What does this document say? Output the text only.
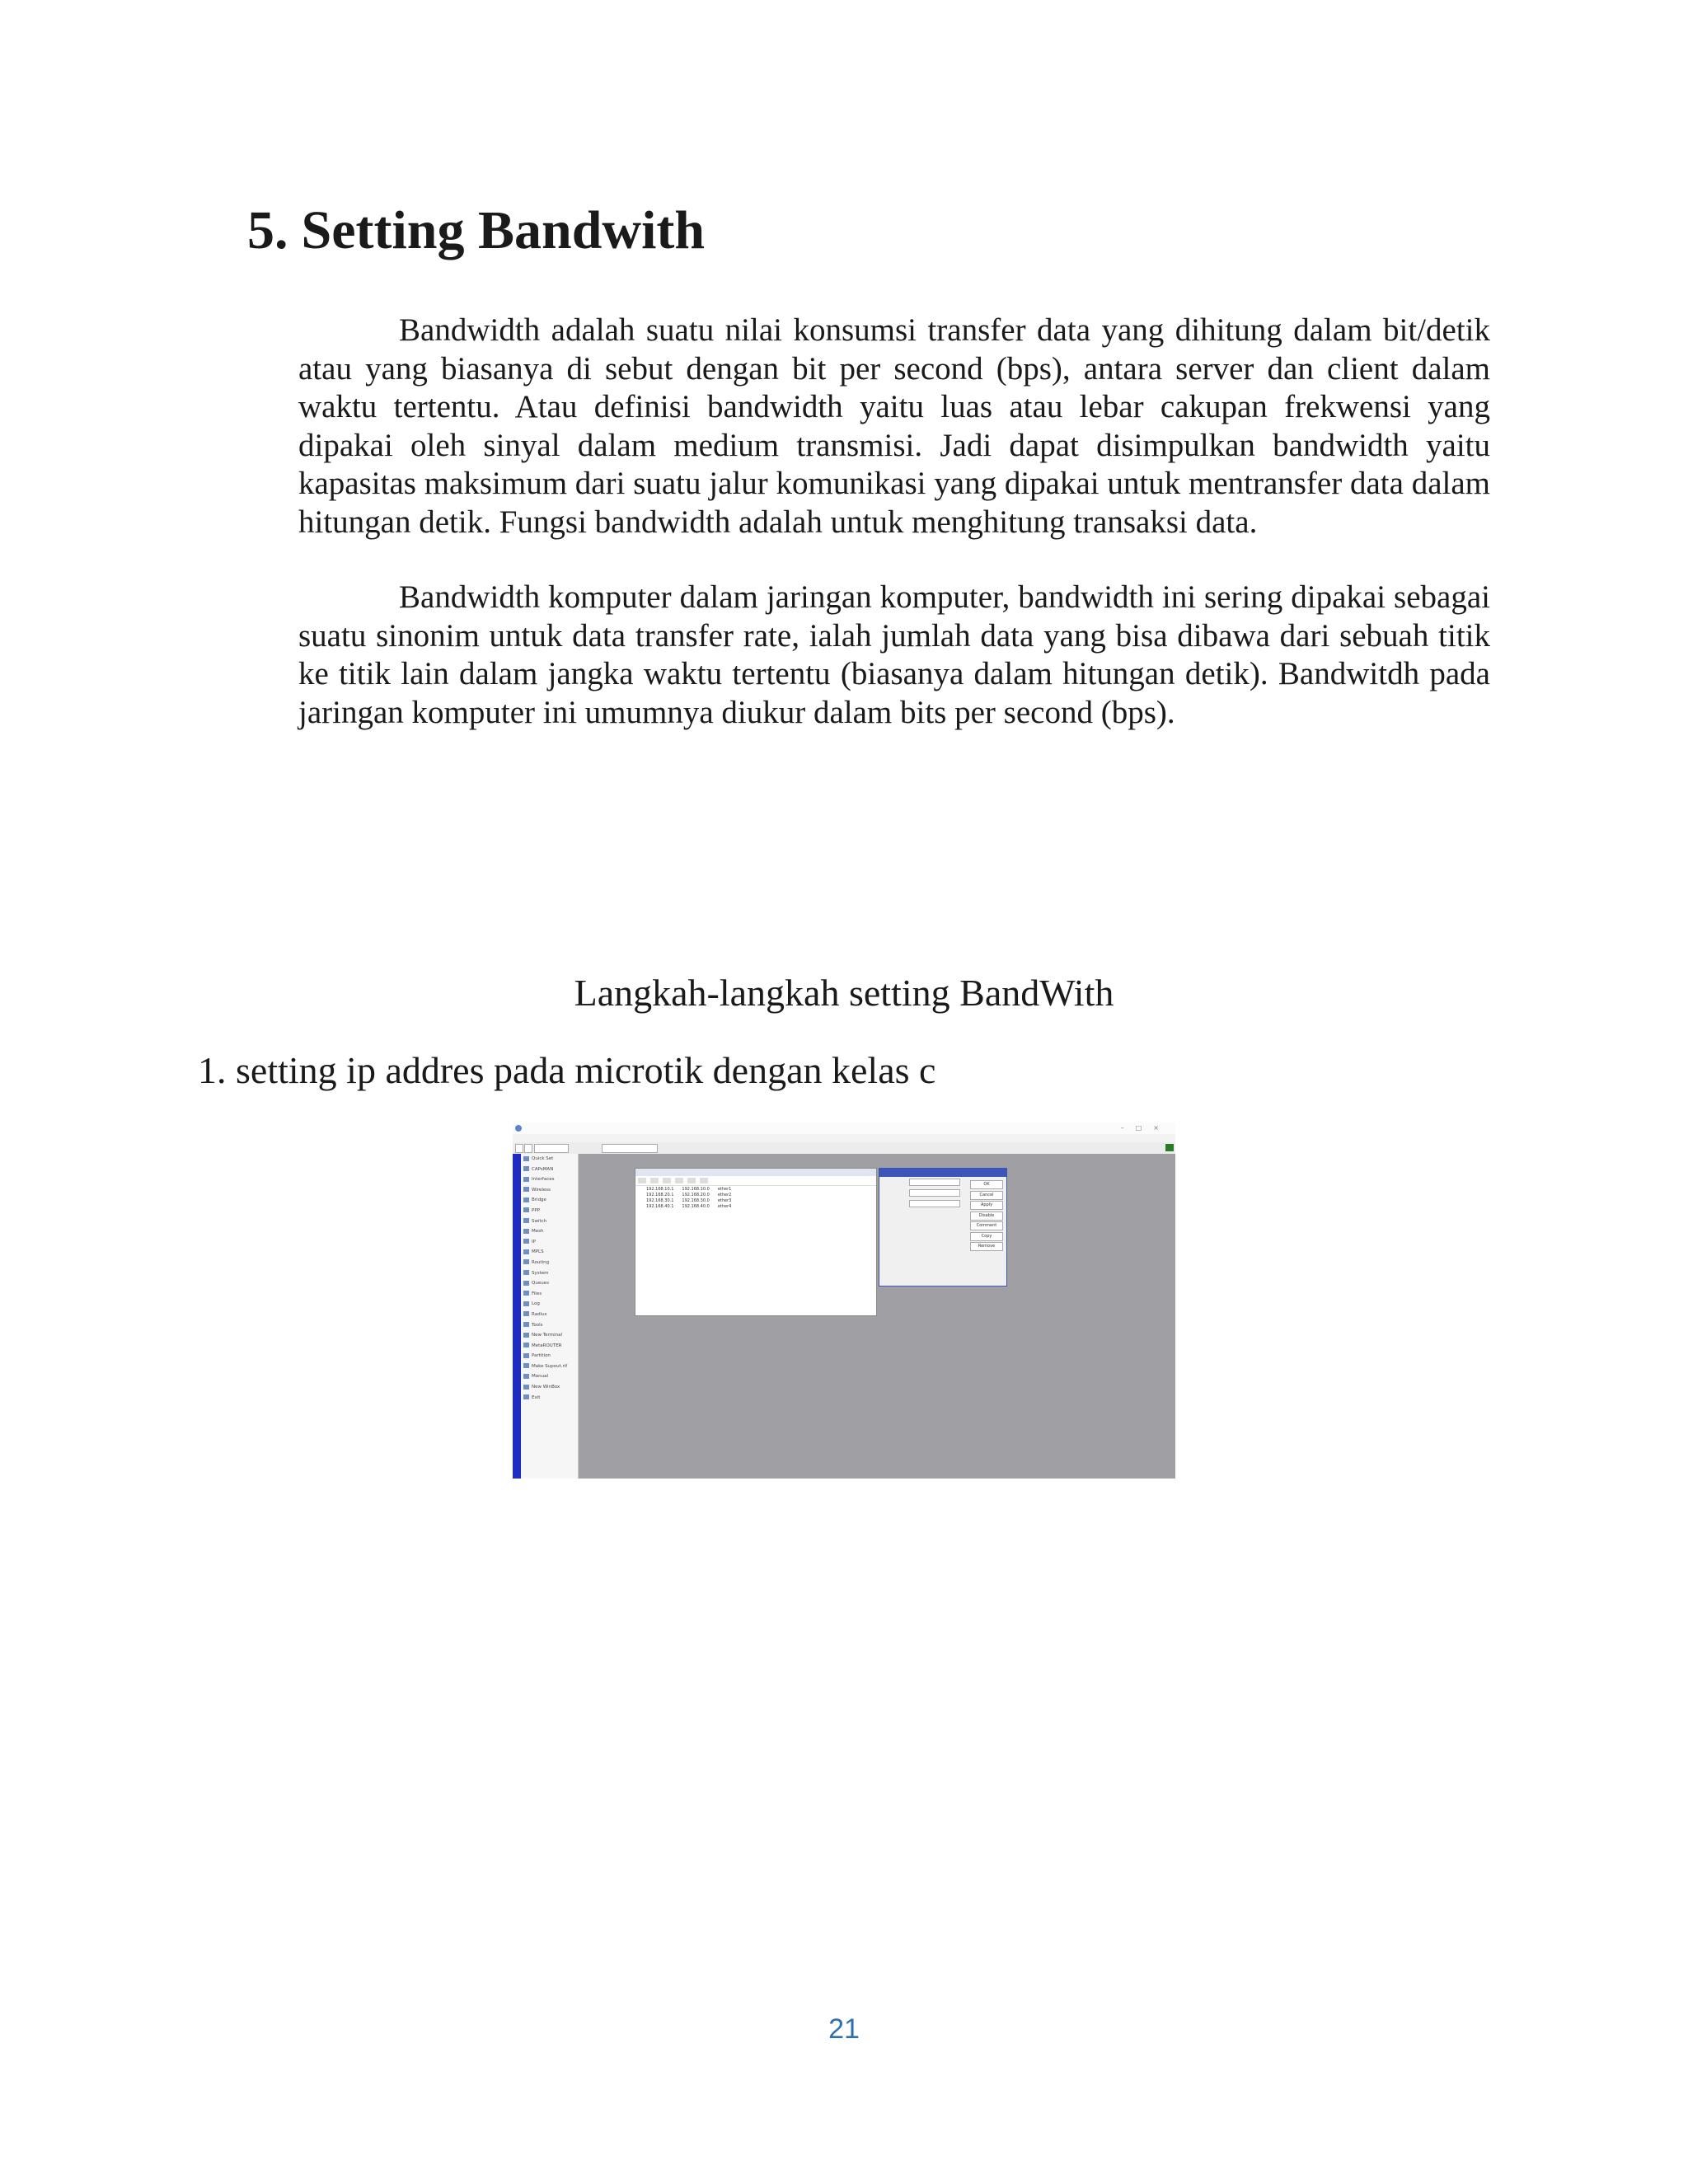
5. Setting Bandwith

Bandwidth adalah suatu nilai konsumsi transfer data yang dihitung dalam bit/detik atau yang biasanya di sebut dengan bit per second (bps), antara server dan client dalam waktu tertentu. Atau definisi bandwidth yaitu luas atau lebar cakupan frekwensi yang dipakai oleh sinyal dalam medium transmisi. Jadi dapat disimpulkan bandwidth yaitu kapasitas maksimum dari suatu jalur komunikasi yang dipakai untuk mentransfer data dalam hitungan detik. Fungsi bandwidth adalah untuk menghitung transaksi data.

Bandwidth komputer dalam jaringan komputer, bandwidth ini sering dipakai sebagai suatu sinonim untuk data transfer rate, ialah jumlah data yang bisa dibawa dari sebuah titik ke titik lain dalam jangka waktu tertentu (biasanya dalam hitungan detik). Bandwitdh pada jaringan komputer ini umumnya diukur dalam bits per second (bps).

Langkah-langkah setting BandWith

1. setting ip addres pada microtik dengan kelas c

–□×
Quick Set
CAPsMAN
Interfaces
Wireless
Bridge
PPP
Switch
Mesh
IP
MPLS
Routing
System
Queues
Files
Log
Radius
Tools
New Terminal
MetaROUTER
Partition
Make Supout.rif
Manual
New WinBox
Exit
192.168.10.1	192.168.10.0	ether1
192.168.20.1	192.168.20.0	ether2
192.168.30.1	192.168.30.0	ether3
192.168.40.1	192.168.40.0	ether4
OK
Cancel
Apply
Disable
Comment
Copy
Remove
21
